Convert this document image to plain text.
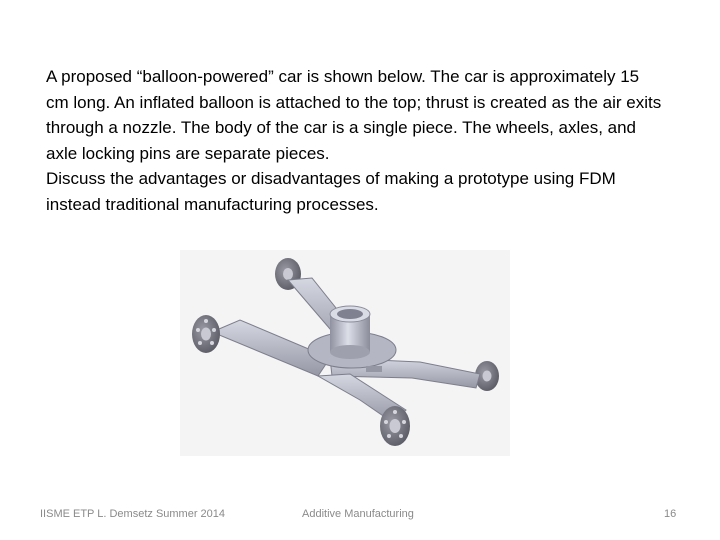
A proposed “balloon-powered” car is shown below. The car is approximately 15 cm long. An inflated balloon is attached to the top; thrust is created as the air exits through a nozzle. The body of the car is a single piece. The wheels, axles, and axle locking pins are separate pieces.

Discuss the advantages or disadvantages of making a prototype using FDM instead traditional manufacturing processes.

IISME ETP L. Demsetz Summer 2014	Additive Manufacturing	16
